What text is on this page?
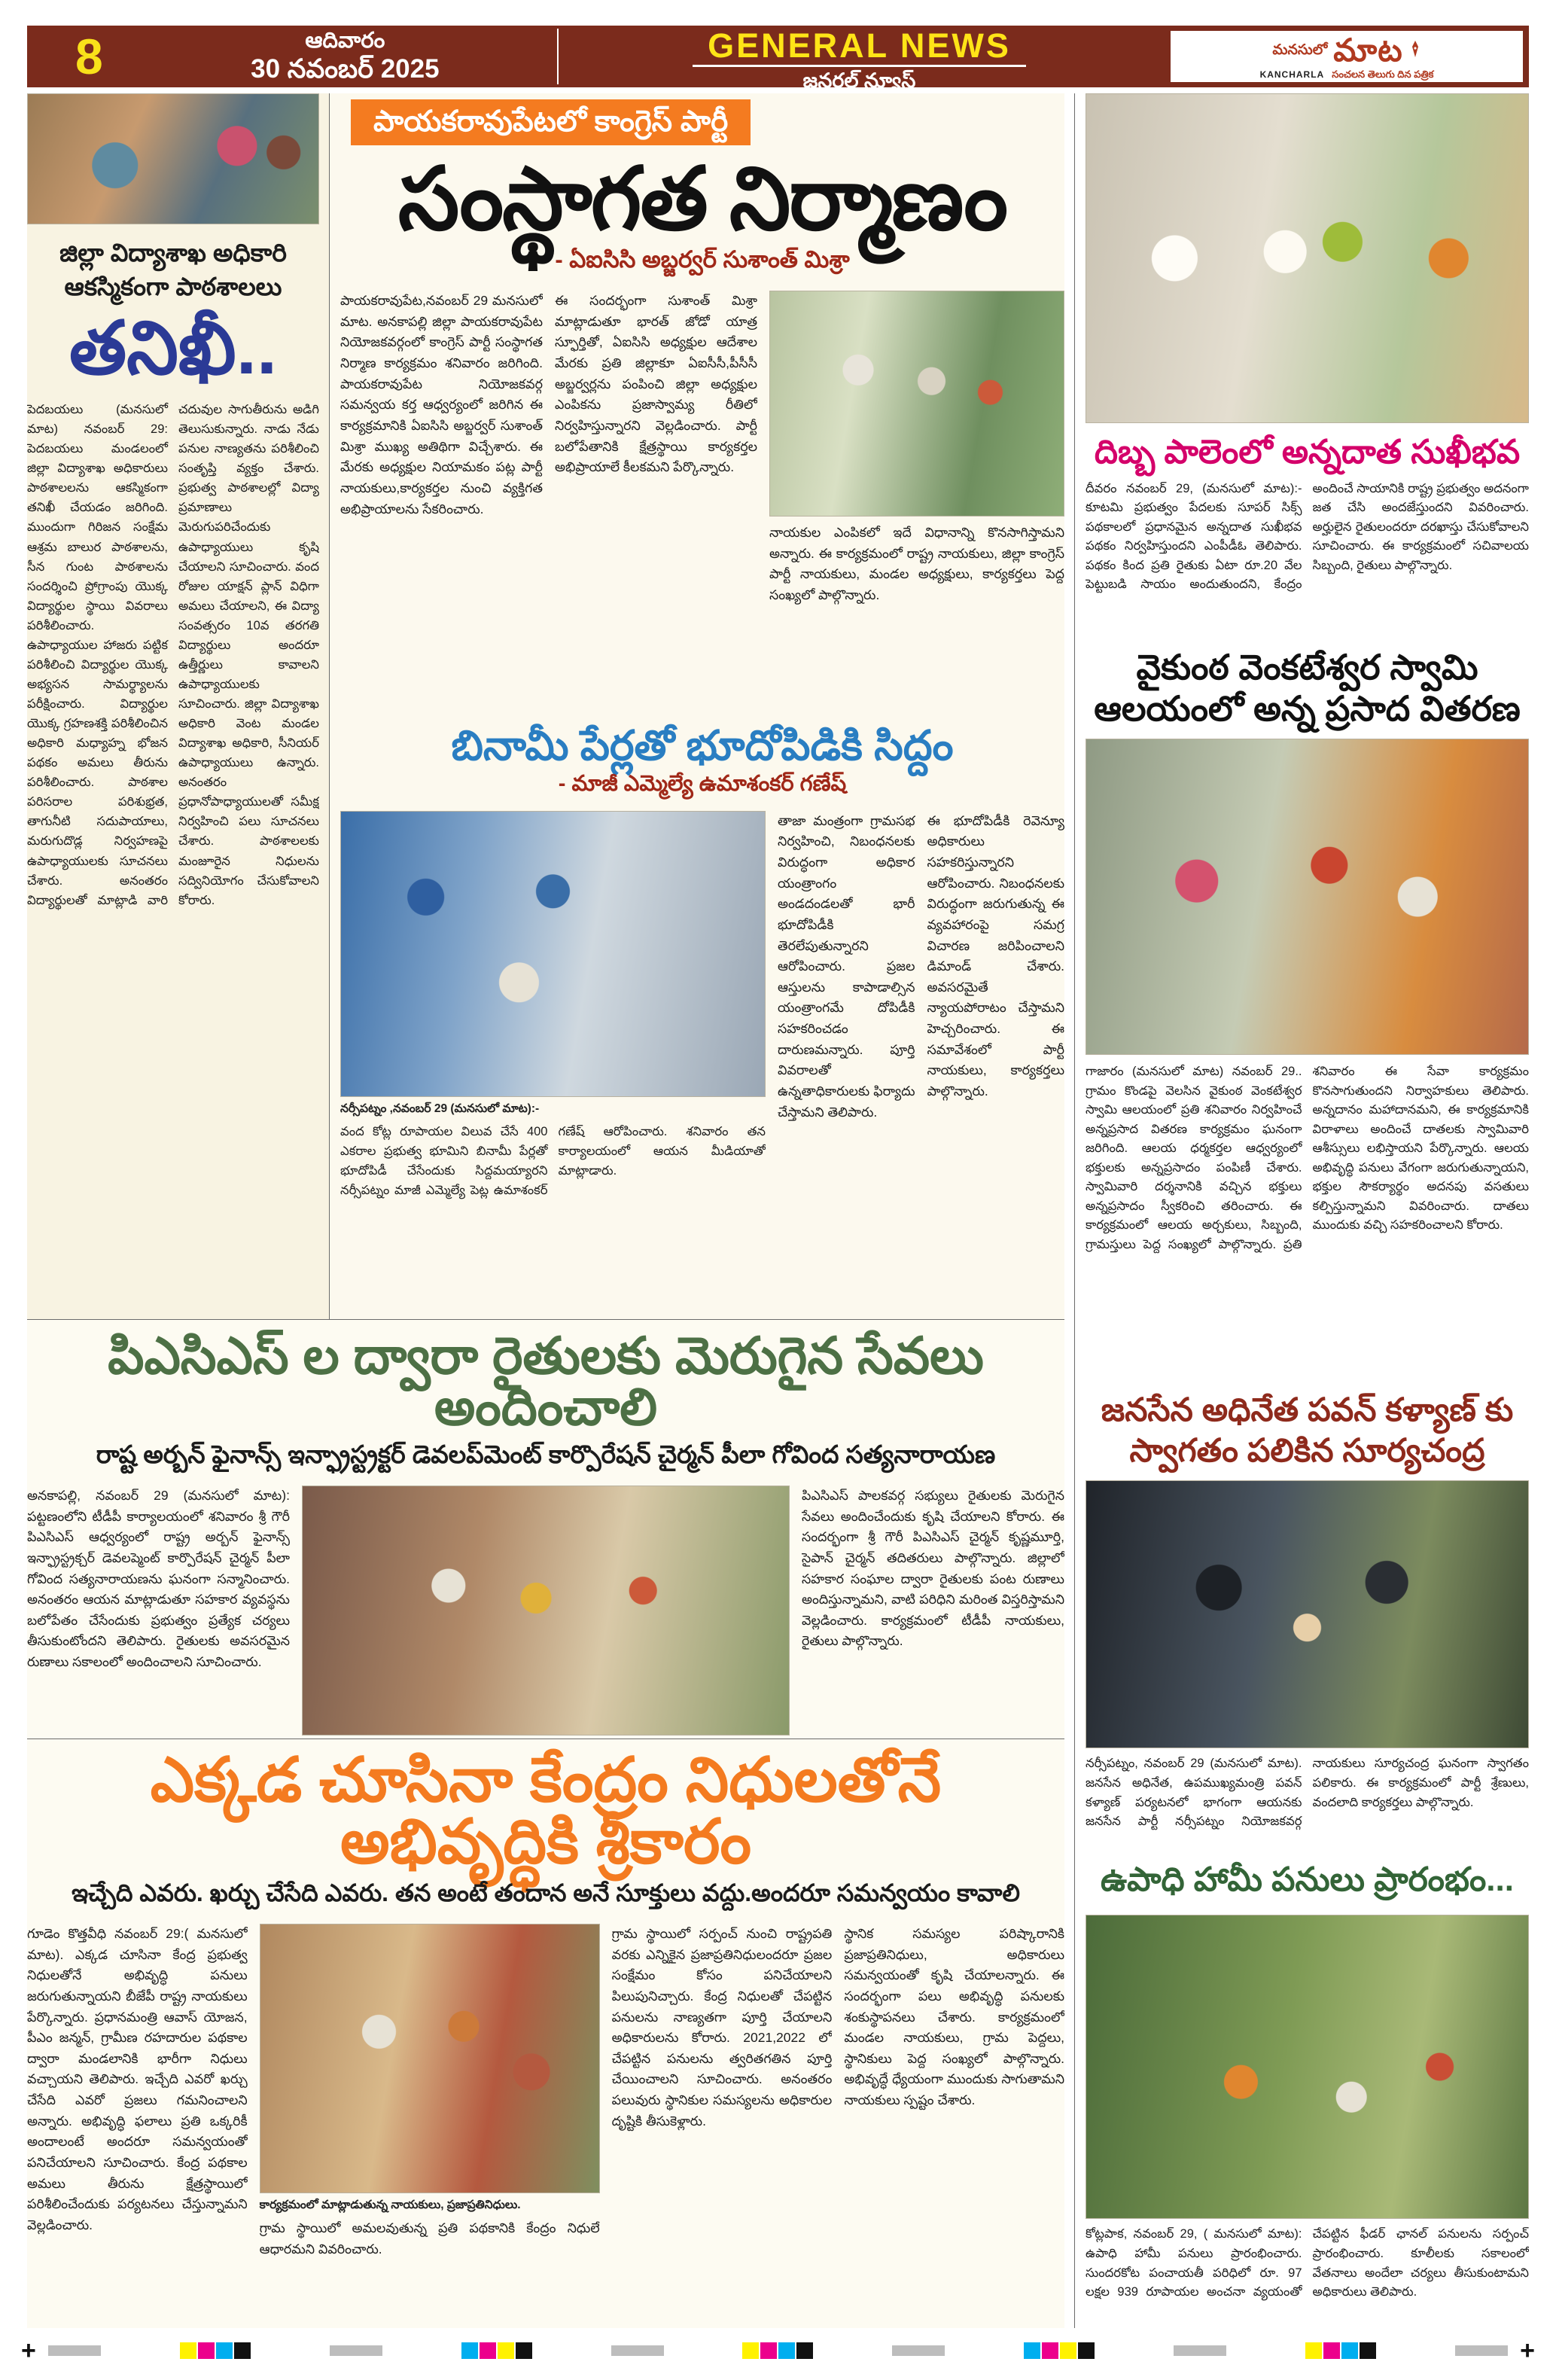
8	ఆదివారం
30 నవంబర్ 2025
GENERAL NEWS
జనరల్ న్యూస్
మనసులో మాట
KANCHARLA సంచలన తెలుగు దిన పత్రిక
జిల్లా విద్యాశాఖ అధికారి
ఆకస్మికంగా పాఠశాలలు
తనిఖీ..
పెదబయలు (మనసులో మాట) నవంబర్ 29: పెదబయలు మండలంలో జిల్లా విద్యాశాఖ అధికారులు పాఠశాలలను ఆకస్మికంగా తనిఖీ చేయడం జరిగింది. ముందుగా గిరిజన సంక్షేమ ఆశ్రమ బాలుర పాఠశాలను, సీన గుంట పాఠశాలను సందర్శించి ప్రోగ్రాంపు యొక్క విద్యార్థుల స్థాయి వివరాలు పరిశీలించారు. ఉపాధ్యాయుల హాజరు పట్టిక పరిశీలించి విద్యార్థుల యొక్క అభ్యసన సామర్థ్యాలను పరీక్షించారు. విద్యార్థుల యొక్క గ్రహణశక్తి పరిశీలించిన అధికారి మధ్యాహ్న భోజన పథకం అమలు తీరును పరిశీలించారు. పాఠశాల పరిసరాల పరిశుభ్రత, తాగునీటి సదుపాయాలు, మరుగుదొడ్ల నిర్వహణపై ఉపాధ్యాయులకు సూచనలు చేశారు. అనంతరం విద్యార్థులతో మాట్లాడి వారి చదువుల సాగుతీరును అడిగి తెలుసుకున్నారు. నాడు నేడు పనుల నాణ్యతను పరిశీలించి సంతృప్తి వ్యక్తం చేశారు. ప్రభుత్వ పాఠశాలల్లో విద్యా ప్రమాణాలు మెరుగుపరిచేందుకు ఉపాధ్యాయులు కృషి చేయాలని సూచించారు. వంద రోజుల యాక్షన్ ప్లాన్ విధిగా అమలు చేయాలని, ఈ విద్యా సంవత్సరం 10వ తరగతి విద్యార్థులు అందరూ ఉత్తీర్ణులు కావాలని ఉపాధ్యాయులకు సూచించారు. జిల్లా విద్యాశాఖ అధికారి వెంట మండల విద్యాశాఖ అధికారి, సీనియర్ ఉపాధ్యాయులు ఉన్నారు. అనంతరం ప్రధానోపాధ్యాయులతో సమీక్ష నిర్వహించి పలు సూచనలు చేశారు. పాఠశాలలకు మంజూరైన నిధులను సద్వినియోగం చేసుకోవాలని కోరారు.
పాయకరావుపేటలో కాంగ్రెస్ పార్టీ
సంస్థాగత నిర్మాణం
- ఏఐసిసి అబ్జర్వర్ సుశాంత్ మిశ్రా
పాయకరావుపేట,నవంబర్ 29 మనసులో మాట. అనకాపల్లి జిల్లా పాయకరావుపేట నియోజకవర్గంలో కాంగ్రెస్ పార్టీ సంస్థాగత నిర్మాణ కార్యక్రమం శనివారం జరిగింది. పాయకరావుపేట నియోజకవర్గ సమన్వయ కర్త ఆధ్వర్యంలో జరిగిన ఈ కార్యక్రమానికి ఏఐసిసి అబ్జర్వర్ సుశాంత్ మిశ్రా ముఖ్య అతిథిగా విచ్చేశారు. ఈ మేరకు అధ్యక్షుల నియామకం పట్ల పార్టీ నాయకులు,కార్యకర్తల నుంచి వ్యక్తిగత అభిప్రాయాలను సేకరించారు.
ఈ సందర్భంగా సుశాంత్ మిశ్రా మాట్లాడుతూ భారత్ జోడో యాత్ర స్ఫూర్తితో, ఏఐసిసి అధ్యక్షుల ఆదేశాల మేరకు ప్రతి జిల్లాకూ ఏఐసీసీ,పీసీసీ అబ్జర్వర్లను పంపించి జిల్లా అధ్యక్షుల ఎంపికను ప్రజాస్వామ్య రీతిలో నిర్వహిస్తున్నారని వెల్లడించారు. పార్టీ బలోపేతానికి క్షేత్రస్థాయి కార్యకర్తల అభిప్రాయాలే కీలకమని పేర్కొన్నారు.
నాయకుల ఎంపికలో ఇదే విధానాన్ని కొనసాగిస్తామని అన్నారు. ఈ కార్యక్రమంలో రాష్ట్ర నాయకులు, జిల్లా కాంగ్రెస్ పార్టీ నాయకులు, మండల అధ్యక్షులు, కార్యకర్తలు పెద్ద సంఖ్యలో పాల్గొన్నారు.
బినామీ పేర్లతో భూదోపిడికి సిద్దం
- మాజీ ఎమ్మెల్యే ఉమాశంకర్ గణేష్
నర్సీపట్నం ,నవంబర్ 29 (మనసులో మాట):-
వంద కోట్ల రూపాయల విలువ చేసే 400 ఎకరాల ప్రభుత్వ భూమిని బినామీ పేర్లతో భూదోపిడీ చేసేందుకు సిద్దమయ్యారని నర్సీపట్నం మాజీ ఎమ్మెల్యే పెట్ల ఉమాశంకర్ గణేష్ ఆరోపించారు. శనివారం తన కార్యాలయంలో ఆయన మీడియాతో మాట్లాడారు.
తాజా మంత్రంగా గ్రామసభ నిర్వహించి, నిబంధనలకు విరుద్ధంగా అధికార యంత్రాంగం అండదండలతో భారీ భూదోపిడీకి తెరలేపుతున్నారని ఆరోపించారు. ప్రజల ఆస్తులను కాపాడాల్సిన యంత్రాంగమే దోపిడీకి సహకరించడం దారుణమన్నారు. పూర్తి వివరాలతో ఉన్నతాధికారులకు ఫిర్యాదు చేస్తామని తెలిపారు.
ఈ భూదోపిడీకి రెవెన్యూ అధికారులు సహకరిస్తున్నారని ఆరోపించారు. నిబంధనలకు విరుద్ధంగా జరుగుతున్న ఈ వ్యవహారంపై సమగ్ర విచారణ జరిపించాలని డిమాండ్ చేశారు. అవసరమైతే న్యాయపోరాటం చేస్తామని హెచ్చరించారు. ఈ సమావేశంలో పార్టీ నాయకులు, కార్యకర్తలు పాల్గొన్నారు.
పిఎసిఎస్ ల ద్వారా రైతులకు మెరుగైన సేవలు అందించాలి
రాష్ట అర్బన్ ఫైనాన్స్ ఇన్ఫ్రాస్ట్రక్టర్ డెవలప్‌మెంట్ కార్పొరేషన్ చైర్మన్ పీలా గోవింద సత్యనారాయణ
అనకాపల్లి, నవంబర్ 29 (మనసులో మాట): పట్టణంలోని టీడీపీ కార్యాలయంలో శనివారం శ్రీ గౌరీ పిఎసిఎస్ ఆధ్వర్యంలో రాష్ట్ర అర్బన్ ఫైనాన్స్ ఇన్ఫ్రాస్ట్రక్చర్ డెవలప్మెంట్ కార్పొరేషన్ చైర్మన్ పీలా గోవింద సత్యనారాయణను ఘనంగా సన్మానించారు. అనంతరం ఆయన మాట్లాడుతూ సహకార వ్యవస్థను బలోపేతం చేసేందుకు ప్రభుత్వం ప్రత్యేక చర్యలు తీసుకుంటోందని తెలిపారు. రైతులకు అవసరమైన రుణాలు సకాలంలో అందించాలని సూచించారు.
పిఎసిఎస్ పాలకవర్గ సభ్యులు రైతులకు మెరుగైన సేవలు అందించేందుకు కృషి చేయాలని కోరారు. ఈ సందర్భంగా శ్రీ గౌరీ పిఎసిఎస్ చైర్మన్ కృష్ణమూర్తి, సైపాన్ చైర్మన్ తదితరులు పాల్గొన్నారు. జిల్లాలో సహకార సంఘాల ద్వారా రైతులకు పంట రుణాలు అందిస్తున్నామని, వాటి పరిధిని మరింత విస్తరిస్తామని వెల్లడించారు. కార్యక్రమంలో టీడీపీ నాయకులు, రైతులు పాల్గొన్నారు.
ఎక్కడ చూసినా కేంద్రం నిధులతోనే అభివృద్ధికి శ్రీకారం
ఇచ్చేది ఎవరు. ఖర్చు చేసేది ఎవరు. తన అంటే తందాన అనే సూక్తులు వద్దు.అందరూ సమన్వయం కావాలి
గూడెం కొత్తవీధి నవంబర్ 29:( మనసులో మాట). ఎక్కడ చూసినా కేంద్ర ప్రభుత్వ నిధులతోనే అభివృద్ధి పనులు జరుగుతున్నాయని బీజేపీ రాష్ట్ర నాయకులు పేర్కొన్నారు. ప్రధానమంత్రి ఆవాస్ యోజన, పీఎం జన్మన్, గ్రామీణ రహదారుల పథకాల ద్వారా మండలానికి భారీగా నిధులు వచ్చాయని తెలిపారు. ఇచ్చేది ఎవరో ఖర్చు చేసేది ఎవరో ప్రజలు గమనించాలని అన్నారు. అభివృద్ధి ఫలాలు ప్రతి ఒక్కరికీ అందాలంటే అందరూ సమన్వయంతో పనిచేయాలని సూచించారు. కేంద్ర పథకాల అమలు తీరును క్షేత్రస్థాయిలో పరిశీలించేందుకు పర్యటనలు చేస్తున్నామని వెల్లడించారు.
కార్యక్రమంలో మాట్లాడుతున్న నాయకులు, ప్రజాప్రతినిధులు.
గ్రామ స్థాయిలో అమలవుతున్న ప్రతి పథకానికి కేంద్రం నిధులే ఆధారమని వివరించారు.
గ్రామ స్థాయిలో సర్పంచ్ నుంచి రాష్ట్రపతి వరకు ఎన్నికైన ప్రజాప్రతినిధులందరూ ప్రజల సంక్షేమం కోసం పనిచేయాలని పిలుపునిచ్చారు. కేంద్ర నిధులతో చేపట్టిన పనులను నాణ్యతగా పూర్తి చేయాలని అధికారులను కోరారు. 2021,2022 లో చేపట్టిన పనులను త్వరితగతిన పూర్తి చేయించాలని సూచించారు. అనంతరం పలువురు స్థానికుల సమస్యలను అధికారుల దృష్టికి తీసుకెళ్లారు.
స్థానిక సమస్యల పరిష్కారానికి ప్రజాప్రతినిధులు, అధికారులు సమన్వయంతో కృషి చేయాలన్నారు. ఈ సందర్భంగా పలు అభివృద్ధి పనులకు శంకుస్థాపనలు చేశారు. కార్యక్రమంలో మండల నాయకులు, గ్రామ పెద్దలు, స్థానికులు పెద్ద సంఖ్యలో పాల్గొన్నారు. అభివృద్ధే ధ్యేయంగా ముందుకు సాగుతామని నాయకులు స్పష్టం చేశారు.
దిబ్బ పాలెంలో అన్నదాత సుఖీభవ
దీవరం నవంబర్ 29, (మనసులో మాట):- కూటమి ప్రభుత్వం పేదలకు సూపర్ సిక్స్ పథకాలలో ప్రధానమైన అన్నదాత సుఖీభవ పథకం నిర్వహిస్తుందని ఎంపీడీఓ తెలిపారు. పథకం కింద ప్రతి రైతుకు ఏటా రూ.20 వేల పెట్టుబడి సాయం అందుతుందని, కేంద్రం అందించే సాయానికి రాష్ట్ర ప్రభుత్వం అదనంగా జత చేసి అందజేస్తుందని వివరించారు. అర్హులైన రైతులందరూ దరఖాస్తు చేసుకోవాలని సూచించారు. ఈ కార్యక్రమంలో సచివాలయ సిబ్బంది, రైతులు పాల్గొన్నారు.
వైకుంఠ వెంకటేశ్వర స్వామి
ఆలయంలో అన్న ప్రసాద వితరణ
గాజారం (మనసులో మాట) నవంబర్ 29.. గ్రామం కొండపై వెలసిన వైకుంఠ వెంకటేశ్వర స్వామి ఆలయంలో ప్రతి శనివారం నిర్వహించే అన్నప్రసాద వితరణ కార్యక్రమం ఘనంగా జరిగింది. ఆలయ ధర్మకర్తల ఆధ్వర్యంలో భక్తులకు అన్నప్రసాదం పంపిణీ చేశారు. స్వామివారి దర్శనానికి వచ్చిన భక్తులు అన్నప్రసాదం స్వీకరించి తరించారు. ఈ కార్యక్రమంలో ఆలయ అర్చకులు, సిబ్బంది, గ్రామస్తులు పెద్ద సంఖ్యలో పాల్గొన్నారు. ప్రతి శనివారం ఈ సేవా కార్యక్రమం కొనసాగుతుందని నిర్వాహకులు తెలిపారు. అన్నదానం మహాదానమని, ఈ కార్యక్రమానికి విరాళాలు అందించే దాతలకు స్వామివారి ఆశీస్సులు లభిస్తాయని పేర్కొన్నారు. ఆలయ అభివృద్ధి పనులు వేగంగా జరుగుతున్నాయని, భక్తుల సౌకర్యార్థం అదనపు వసతులు కల్పిస్తున్నామని వివరించారు. దాతలు ముందుకు వచ్చి సహకరించాలని కోరారు.
జనసేన అధినేత పవన్ కళ్యాణ్ కు
స్వాగతం పలికిన సూర్యచంద్ర
నర్సీపట్నం, నవంబర్ 29 (మనసులో మాట). జనసేన అధినేత, ఉపముఖ్యమంత్రి పవన్ కళ్యాణ్ పర్యటనలో భాగంగా ఆయనకు జనసేన పార్టీ నర్సీపట్నం నియోజకవర్గ నాయకులు సూర్యచంద్ర ఘనంగా స్వాగతం పలికారు. ఈ కార్యక్రమంలో పార్టీ శ్రేణులు, వందలాది కార్యకర్తలు పాల్గొన్నారు.
ఉపాధి హామీ పనులు ప్రారంభం...
కోట్లపాక, నవంబర్ 29, ( మనసులో మాట): ఉపాధి హామీ పనులు ప్రారంభించారు. సుందరకోట పంచాయతీ పరిధిలో రూ. 97 లక్షల 939 రూపాయల అంచనా వ్యయంతో చేపట్టిన ఫీడర్ ఛానల్ పనులను సర్పంచ్ ప్రారంభించారు. కూలీలకు సకాలంలో వేతనాలు అందేలా చర్యలు తీసుకుంటామని అధికారులు తెలిపారు.
+	+
